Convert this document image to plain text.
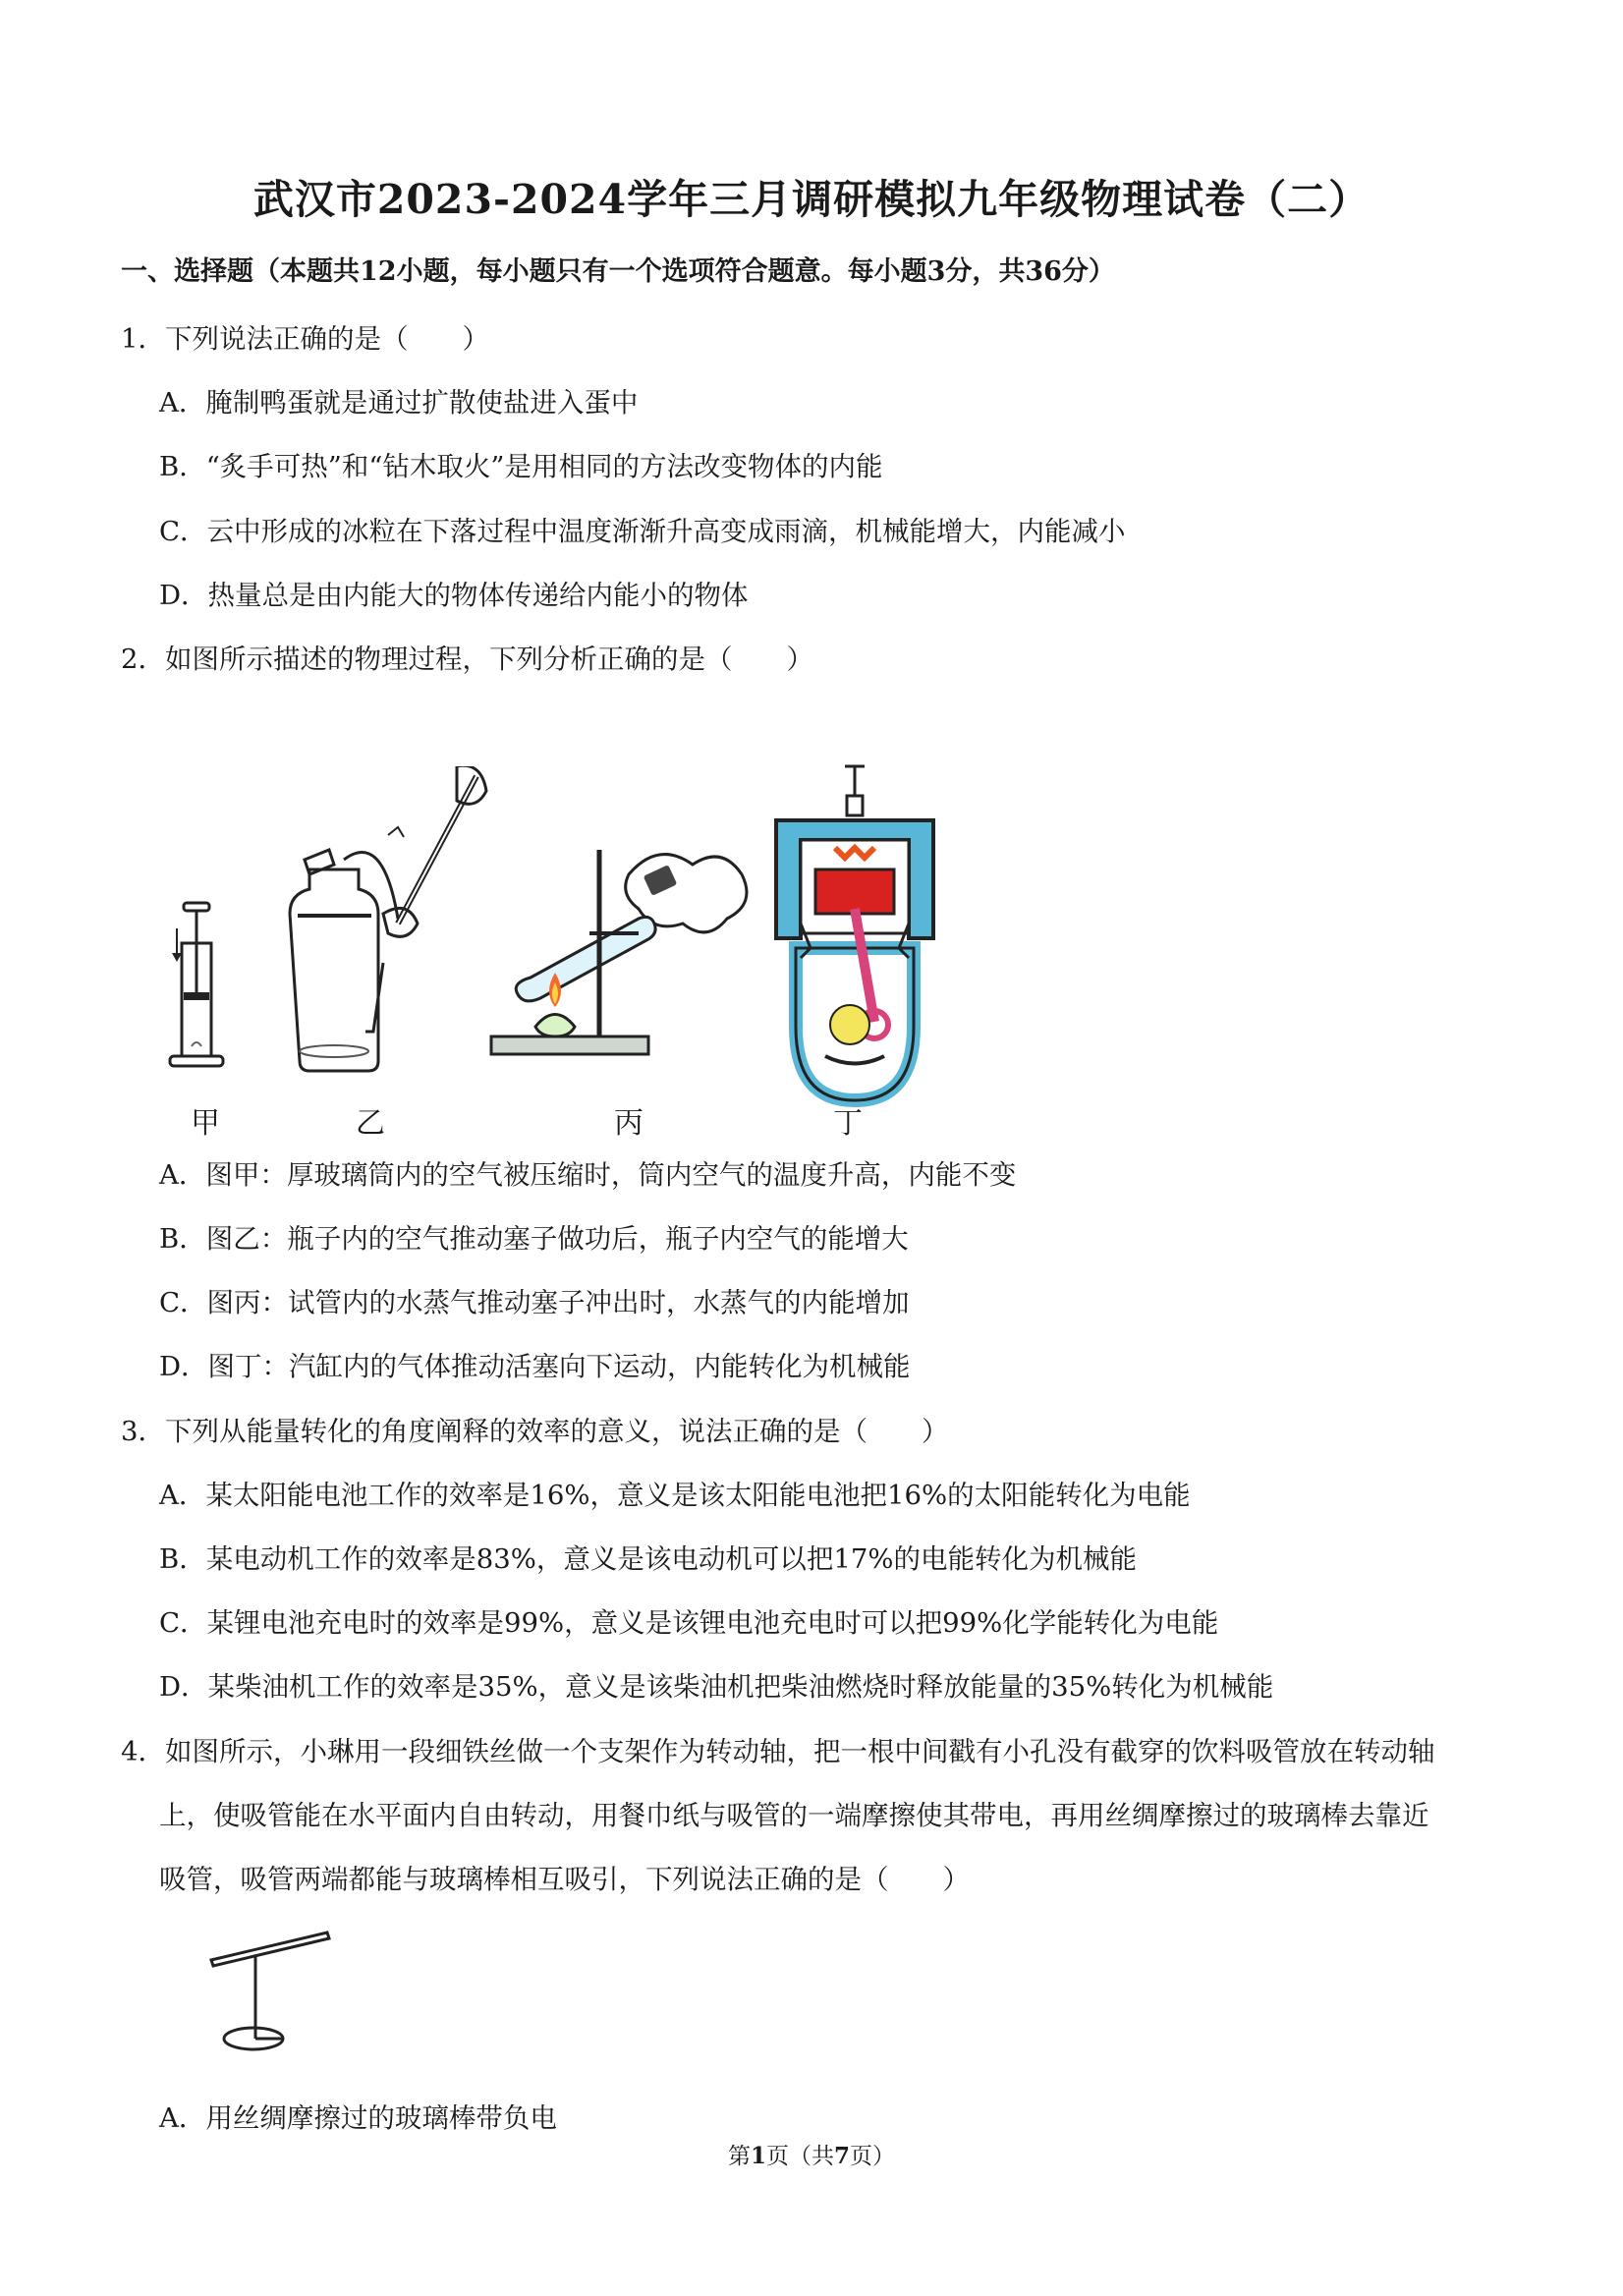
武汉市2023-2024学年三月调研模拟九年级物理试卷（二）
一、选择题（本题共12小题，每小题只有一个选项符合题意。每小题3分，共36分）
1．下列说法正确的是（　　）
A．腌制鸭蛋就是通过扩散使盐进入蛋中
B．“炙手可热”和“钻木取火”是用相同的方法改变物体的内能
C．云中形成的冰粒在下落过程中温度渐渐升高变成雨滴，机械能增大，内能减小
D．热量总是由内能大的物体传递给内能小的物体
2．如图所示描述的物理过程，下列分析正确的是（　　）
甲	乙	丙	丁
A．图甲：厚玻璃筒内的空气被压缩时，筒内空气的温度升高，内能不变
B．图乙：瓶子内的空气推动塞子做功后，瓶子内空气的能增大
C．图丙：试管内的水蒸气推动塞子冲出时，水蒸气的内能增加
D．图丁：汽缸内的气体推动活塞向下运动，内能转化为机械能
3．下列从能量转化的角度阐释的效率的意义，说法正确的是（　　）
A．某太阳能电池工作的效率是16%，意义是该太阳能电池把16%的太阳能转化为电能
B．某电动机工作的效率是83%，意义是该电动机可以把17%的电能转化为机械能
C．某锂电池充电时的效率是99%，意义是该锂电池充电时可以把99%化学能转化为电能
D．某柴油机工作的效率是35%，意义是该柴油机把柴油燃烧时释放能量的35%转化为机械能
4．如图所示，小琳用一段细铁丝做一个支架作为转动轴，把一根中间戳有小孔没有截穿的饮料吸管放在转动轴
上，使吸管能在水平面内自由转动，用餐巾纸与吸管的一端摩擦使其带电，再用丝绸摩擦过的玻璃棒去靠近
吸管，吸管两端都能与玻璃棒相互吸引，下列说法正确的是（　　）
A．用丝绸摩擦过的玻璃棒带负电
第1页（共7页）
